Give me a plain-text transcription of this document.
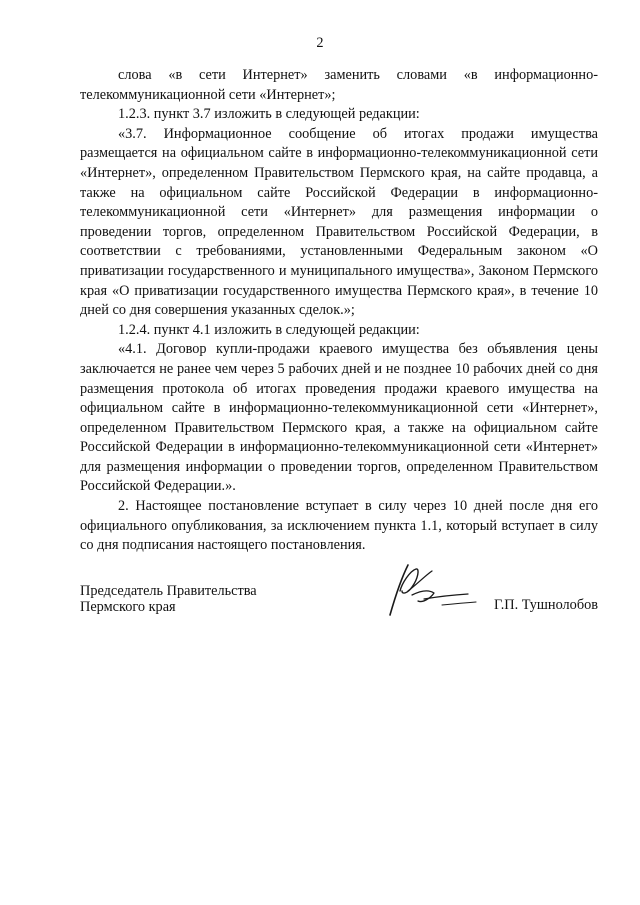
2

слова «в сети Интернет» заменить словами «в информационно-телекоммуникационной сети «Интернет»;

1.2.3. пункт 3.7 изложить в следующей редакции:

«3.7. Информационное сообщение об итогах продажи имущества размещается на официальном сайте в информационно-телекоммуникационной сети «Интернет», определенном Правительством Пермского края, на сайте продавца, а также на официальном сайте Российской Федерации в информационно-телекоммуникационной сети «Интернет» для размещения информации о проведении торгов, определенном Правительством Российской Федерации, в соответствии с требованиями, установленными Федеральным законом «О приватизации государственного и муниципального имущества», Законом Пермского края «О приватизации государственного имущества Пермского края», в течение 10 дней со дня совершения указанных сделок.»;

1.2.4. пункт 4.1 изложить в следующей редакции:

«4.1. Договор купли-продажи краевого имущества без объявления цены заключается не ранее чем через 5 рабочих дней и не позднее 10 рабочих дней со дня размещения протокола об итогах проведения продажи краевого имущества на официальном сайте в информационно-телекоммуникационной сети «Интернет», определенном Правительством Пермского края, а также на официальном сайте Российской Федерации в информационно-телекоммуникационной сети «Интернет» для размещения информации о проведении торгов, определенном Правительством Российской Федерации.».

2. Настоящее постановление вступает в силу через 10 дней после дня его официального опубликования, за исключением пункта 1.1, который вступает в силу со дня подписания настоящего постановления.

Председатель Правительства
Пермского края	Г.П. Тушнолобов
